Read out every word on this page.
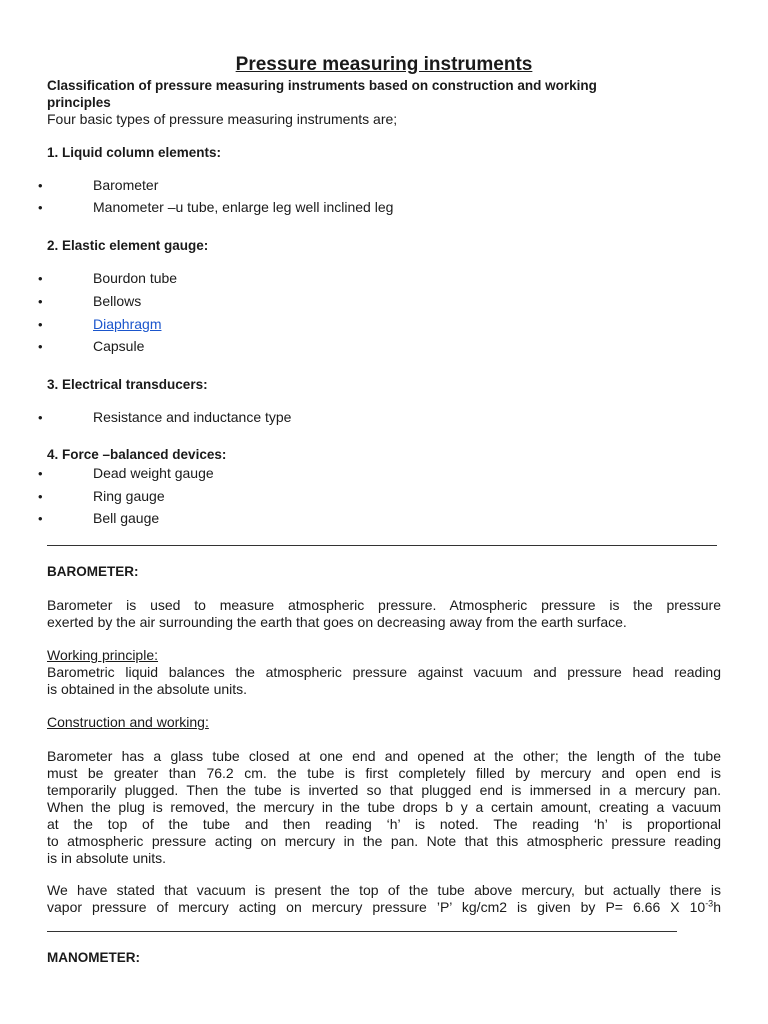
Pressure measuring instruments
Classification of pressure measuring instruments based on construction and working
principles
Four basic types of pressure measuring instruments are;
1. Liquid column elements:
•	Barometer
•	Manometer –u tube, enlarge leg well inclined leg
2. Elastic element gauge:
•	Bourdon tube
•	Bellows
•	Diaphragm
•	Capsule
3. Electrical transducers:
•	Resistance and inductance type
4. Force –balanced devices:
•	Dead weight gauge
•	Ring gauge
•	Bell gauge
BAROMETER:
Barometer is used to measure atmospheric pressure. Atmospheric pressure is the pressure
exerted by the air surrounding the earth that goes on decreasing away from the earth surface.
Working principle:
Barometric liquid balances the atmospheric pressure against vacuum and pressure head reading
is obtained in the absolute units.
Construction and working:
Barometer has a glass tube closed at one end and opened at the other; the length of the tube
must be greater than 76.2 cm. the tube is first completely filled by mercury and open end is
temporarily plugged. Then the tube is inverted so that plugged end is immersed in a mercury pan.
When the plug is removed, the mercury in the tube drops b y a certain amount, creating a vacuum
at the top of the tube and then reading ‘h’ is noted. The reading ‘h’ is proportional
to atmospheric pressure acting on mercury in the pan. Note that this atmospheric pressure reading
is in absolute units.
We have stated that vacuum is present the top of the tube above mercury, but actually there is
vapor pressure of mercury acting on mercury pressure ’P’ kg/cm2 is given by P= 6.66 X $10^{-3}h$
MANOMETER:
